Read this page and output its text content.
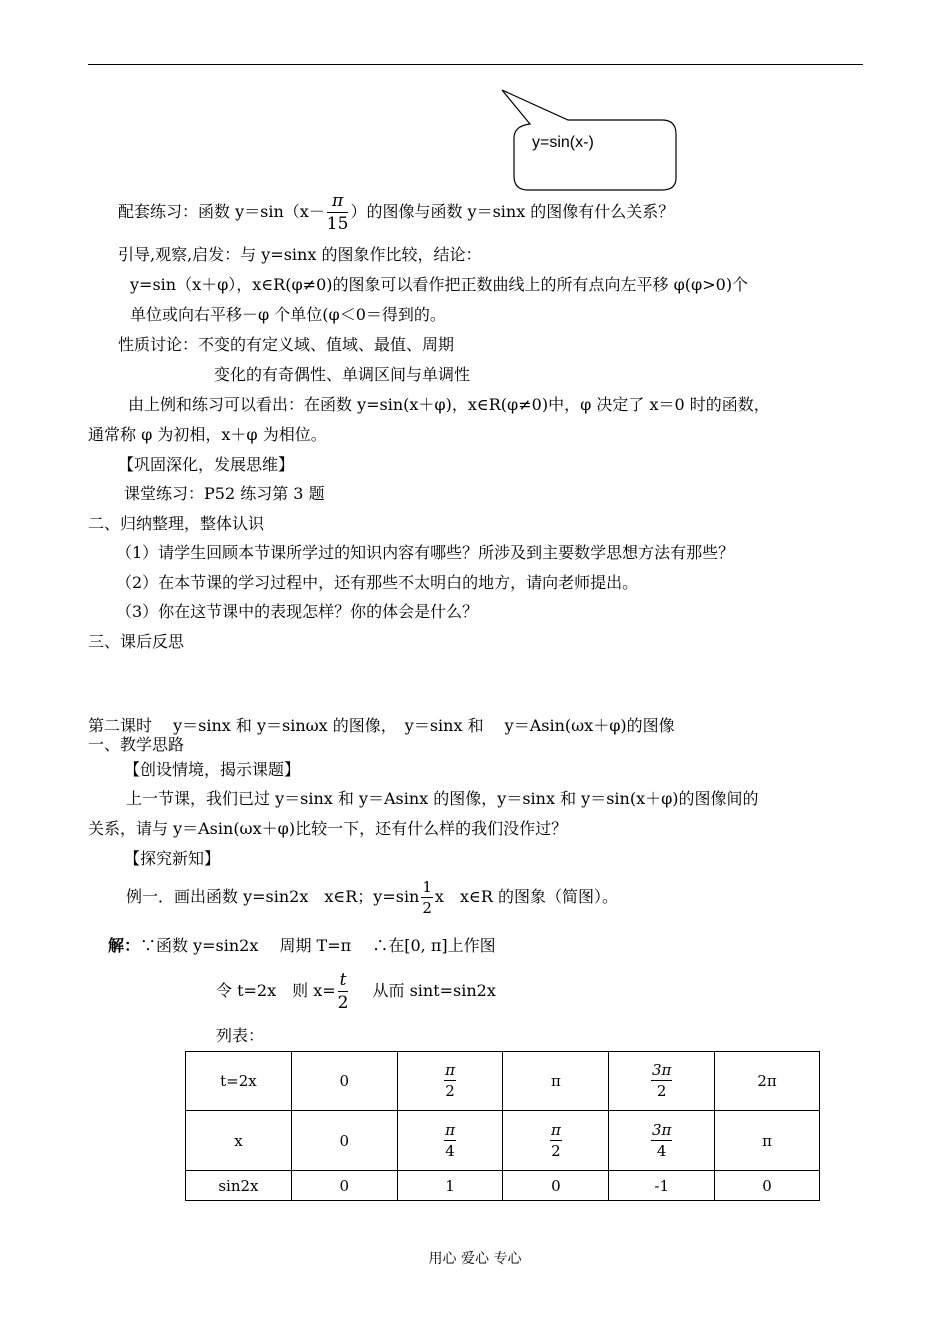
y=sin(x-)
配套练习：函数 $y=\sin(x- \frac{\pi}{15}$ ）的图像与函数 y＝sinx 的图像有什么关系？
引导,观察,启发：与 y=sinx 的图象作比较，结论：
y=sin（x＋φ），x∈R(φ≠0)的图象可以看作把正数曲线上的所有点向左平移 φ(φ>0)个
单位或向右平移－φ 个单位(φ＜0＝得到的。
性质讨论：不变的有定义域、值域、最值、周期
变化的有奇偶性、单调区间与单调性
由上例和练习可以看出：在函数 y=sin(x＋φ)，x∈R(φ≠0)中，φ 决定了 x＝0 时的函数，
通常称 φ 为初相，x＋φ 为相位。
【巩固深化，发展思维】
课堂练习：P52 练习第 3 题
二、归纳整理，整体认识
（1）请学生回顾本节课所学过的知识内容有哪些？所涉及到主要数学思想方法有那些？
（2）在本节课的学习过程中，还有那些不太明白的地方，请向老师提出。
（3）你在这节课中的表现怎样？你的体会是什么？
三、课后反思
第二课时　 y＝sinx 和 y＝sinωx 的图像，　y＝sinx 和　 y＝Asin(ωx＋φ)的图像
一、教学思路
【创设情境，揭示课题】
上一节课，我们已过 y＝sinx 和 y＝Asinx 的图像，y＝sinx 和 y＝sin(x＋φ)的图像间的
关系，请与 y＝Asin(ωx＋φ)比较一下，还有什么样的我们没作过？
【探究新知】
例一．画出函数 y=sin2x　x∈R；$y=\sin \frac{1}{2}$ x　x∈R 的图象（简图）。
解：∵函数 y=sin2x　 周期 T=π　 ∴在[0, π]上作图
令 t=2x　则 $x= \frac{t}{2}$ 从而 sint=sin2x
列表：
t=2x	0	$\frac{\pi}{2}$	π	$\frac{3\pi}{2}$	2π
x	0	$\frac{\pi}{4}$	$\frac{\pi}{2}$	$\frac{3\pi}{4}$	π
sin2x	0	1	0	-1	0
用心 爱心 专心
